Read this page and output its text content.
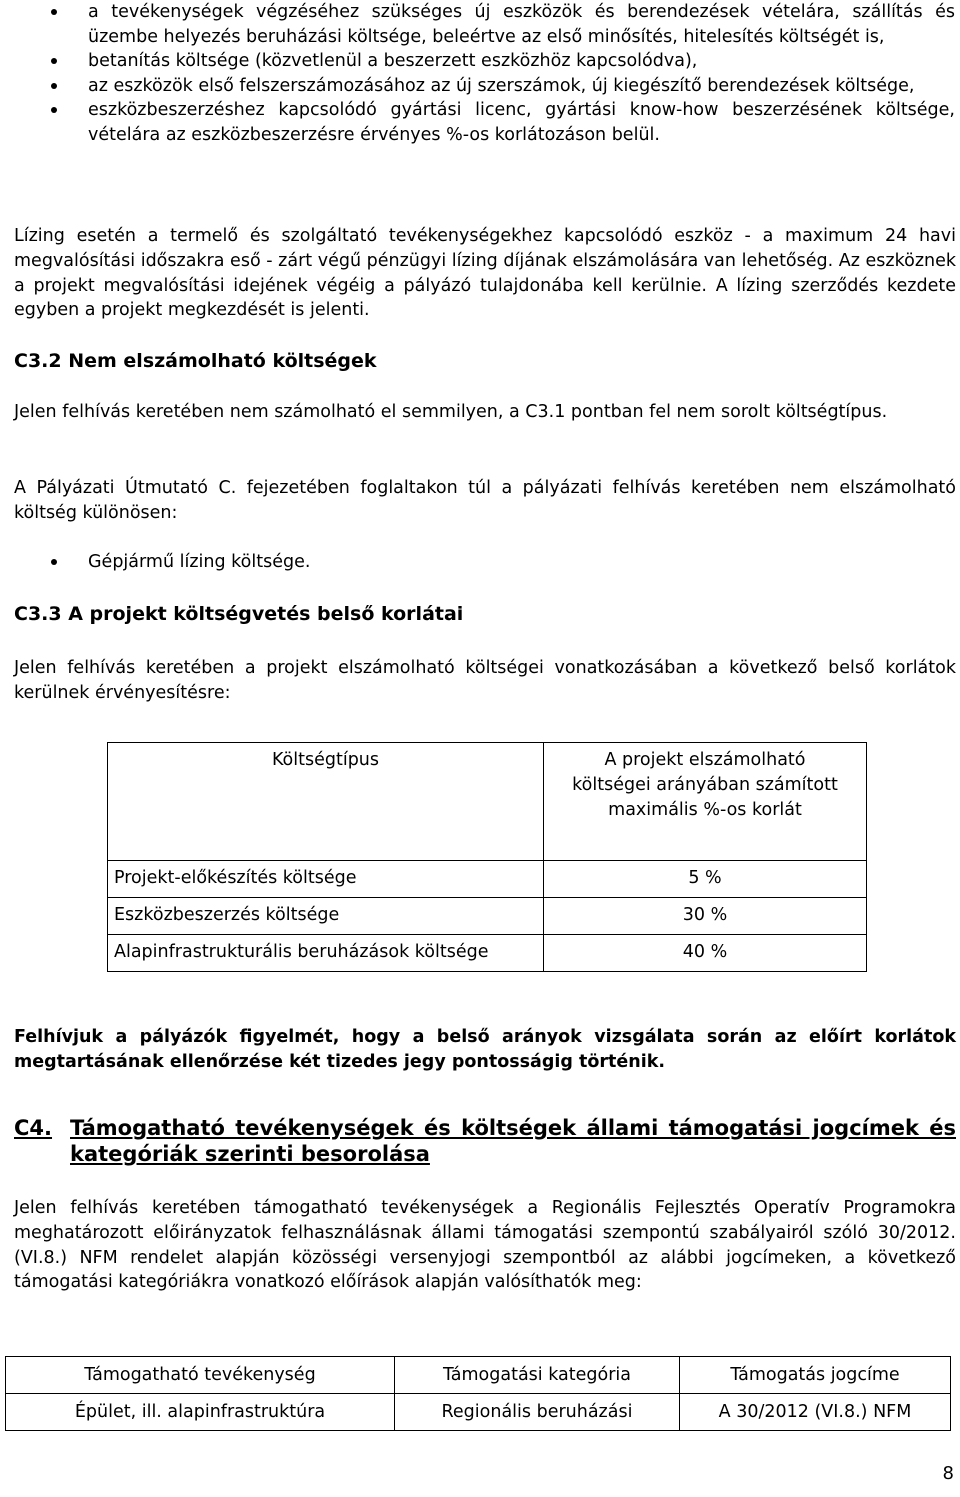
a tevékenységek végzéséhez szükséges új eszközök és berendezések vételára, szállítás és üzembe helyezés beruházási költsége, beleértve az első minősítés, hitelesítés költségét is,
betanítás költsége (közvetlenül a beszerzett eszközhöz kapcsolódva),
az eszközök első felszerszámozásához az új szerszámok, új kiegészítő berendezések költsége,
eszközbeszerzéshez kapcsolódó gyártási licenc, gyártási know-how beszerzésének költsége, vételára az eszközbeszerzésre érvényes %-os korlátozáson belül.

Lízing esetén a termelő és szolgáltató tevékenységekhez kapcsolódó eszköz - a maximum 24 havi megvalósítási időszakra eső - zárt végű pénzügyi lízing díjának elszámolására van lehetőség. Az eszköznek a projekt megvalósítási idejének végéig a pályázó tulajdonába kell kerülnie. A lízing szerződés kezdete egyben a projekt megkezdését is jelenti.

C3.2 Nem elszámolható költségek

Jelen felhívás keretében nem számolható el semmilyen, a C3.1 pontban fel nem sorolt költségtípus.

A Pályázati Útmutató C. fejezetében foglaltakon túl a pályázati felhívás keretében nem elszámolható költség különösen:

Gépjármű lízing költsége.
C3.3 A projekt költségvetés belső korlátai

Jelen felhívás keretében a projekt elszámolható költségei vonatkozásában a következő belső korlátok kerülnek érvényesítésre:

Költségtípus	A projekt elszámolható költségei arányában számított maximális %-os korlát
Projekt-előkészítés költsége	5 %
Eszközbeszerzés költsége	30 %
Alapinfrastrukturális beruházások költsége	40 %

Felhívjuk a pályázók figyelmét, hogy a belső arányok vizsgálata során az előírt korlátok megtartásának ellenőrzése két tizedes jegy pontosságig történik.

C4. Támogatható tevékenységek és költségek állami támogatási jogcímek és kategóriák szerinti besorolása

Jelen felhívás keretében támogatható tevékenységek a Regionális Fejlesztés Operatív Programokra meghatározott előirányzatok felhasználásnak állami támogatási szempontú szabályairól szóló 30/2012. (VI.8.) NFM rendelet alapján közösségi versenyjogi szempontból az alábbi jogcímeken, a következő támogatási kategóriákra vonatkozó előírások alapján valósíthatók meg:

Támogatható tevékenység	Támogatási kategória	Támogatás jogcíme
Épület, ill. alapinfrastruktúra	Regionális beruházási	A 30/2012 (VI.8.) NFM
8
